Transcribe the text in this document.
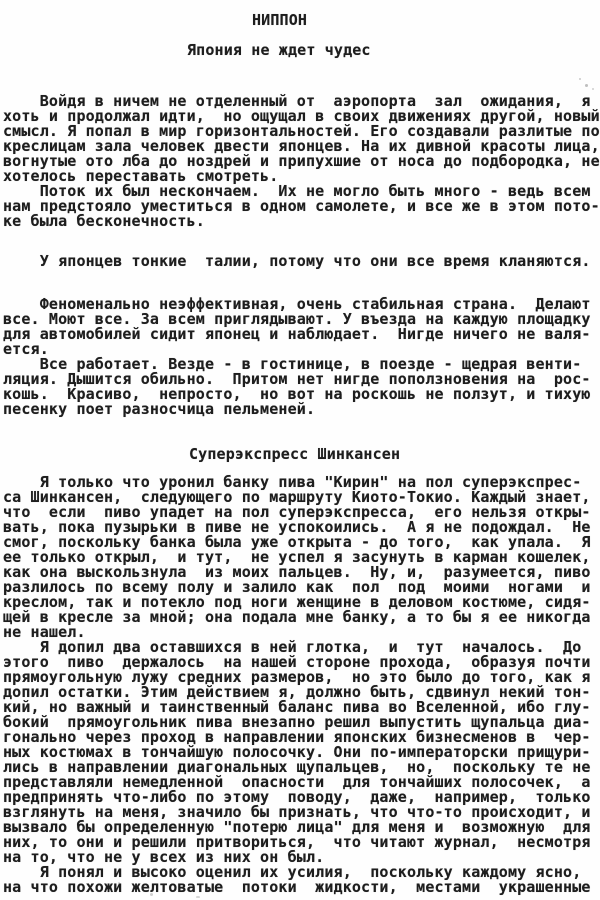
НИППОН
Япония не ждет чудес
Войдя в ничем не отделенный от  аэропорта  зал  ожидания,  я
хоть и продолжал идти,  но ощущал в своих движениях другой, новый
смысл. Я попал в мир горизонтальностей. Его создавали разлитые по
креслицам зала человек двести японцев. На их дивной красоты лица,
вогнутые ото лба до ноздрей и припухшие от носа до подбородка, не
хотелось переставать смотреть.
Поток их был нескончаем.  Их не могло быть много - ведь всем
нам предстояло уместиться в одном самолете, и все же в этом пото-
ке была бесконечность.
У японцев тонкие  талии, потому что они все время кланяются.
Феноменально неэффективная, очень стабильная страна.  Делают
все. Моют все. За всем приглядывают. У въезда на каждую площадку
для автомобилей сидит японец и наблюдает.  Нигде ничего не валя-
ется.
Все работает. Везде - в гостинице, в поезде - щедрая венти-
ляция. Дышится обильно.  Притом нет нигде поползновения на  рос-
кошь.  Красиво,  непросто,  но вот на роскошь не ползут, и тихую
песенку поет разносчица пельменей.
Суперэкспресс Шинкансен
Я только что уронил банку пива "Кирин" на пол суперэкспрес-
са Шинкансен,  следующего по маршруту Киото-Токио. Каждый знает,
что  если  пиво упадет на пол суперэкспресса,  его нельзя откры-
вать, пока пузырьки в пиве не успокоились.  А я не подождал.  Не
смог, поскольку банка была уже открыта - до того,  как упала.  Я
ее только открыл,  и тут,  не успел я засунуть в карман кошелек,
как она выскользнула  из моих пальцев.  Ну, и,  разумеется, пиво
разлилось по всему полу и залило как  пол  под  моими  ногами  и
креслом, так и потекло под ноги женщине в деловом костюме, сидя-
щей в кресле за мной; она подала мне банку, а то бы я ее никогда
не нашел.
Я допил два оставшихся в ней глотка,  и  тут  началось.  До
этого  пиво  держалось  на нашей стороне прохода,  образуя почти
прямоугольную лужу средних размеров,  но это было до того, как я
допил остатки. Этим действием я, должно быть, сдвинул некий тон-
кий, но важный и таинственный баланс пива во Вселенной, ибо глу-
бокий  прямоугольник пива внезапно решил выпустить щупальца диа-
гонально через проход в направлении японских бизнесменов в  чер-
ных костюмах в тончайшую полосочку. Они по-императорски прищури-
лись в направлении диагональных щупальцев,  но,  поскольку те не
представляли немедленной  опасности  для тончайших полосочек,  а
предпринять что-либо по этому  поводу,  даже,  например,  только
взглянуть на меня, значило бы признать, что что-то происходит, и
вызвало бы определенную "потерю лица" для меня и  возможную  для
них, то они и решили притвориться,  что читают журнал,  несмотря
на то, что не у всех из них он был.
Я понял и высоко оценил их усилия,  поскольку каждому ясно,
на что похожи желтоватые  потоки  жидкости,  местами  украшенные
